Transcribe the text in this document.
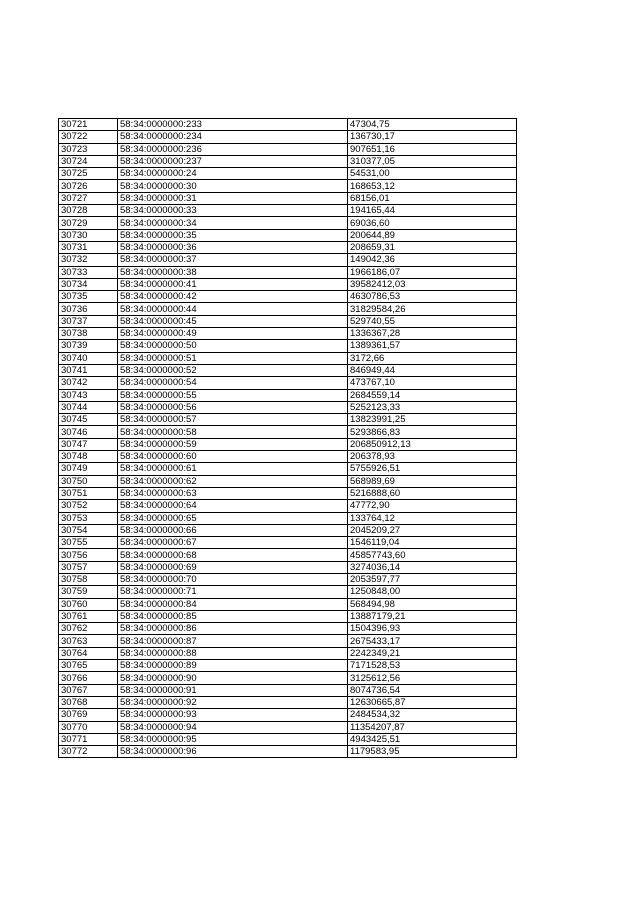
30721	58:34:0000000:233	47304,75
30722	58:34:0000000:234	136730,17
30723	58:34:0000000:236	907651,16
30724	58:34:0000000:237	310377,05
30725	58:34:0000000:24	54531,00
30726	58:34:0000000:30	168653,12
30727	58:34:0000000:31	68156,01
30728	58:34:0000000:33	194165,44
30729	58:34:0000000:34	69036,60
30730	58:34:0000000:35	200644,89
30731	58:34:0000000:36	208659,31
30732	58:34:0000000:37	149042,36
30733	58:34:0000000:38	1966186,07
30734	58:34:0000000:41	39582412,03
30735	58:34:0000000:42	4630786,53
30736	58:34:0000000:44	31829584,26
30737	58:34:0000000:45	529740,55
30738	58:34:0000000:49	1336367,28
30739	58:34:0000000:50	1389361,57
30740	58:34:0000000:51	3172,66
30741	58:34:0000000:52	846949,44
30742	58:34:0000000:54	473767,10
30743	58:34:0000000:55	2684559,14
30744	58:34:0000000:56	5252123,33
30745	58:34:0000000:57	13823991,25
30746	58:34:0000000:58	5293866,83
30747	58:34:0000000:59	206850912,13
30748	58:34:0000000:60	206378,93
30749	58:34:0000000:61	5755926,51
30750	58:34:0000000:62	568989,69
30751	58:34:0000000:63	5216888,60
30752	58:34:0000000:64	47772,90
30753	58:34:0000000:65	133764,12
30754	58:34:0000000:66	2045209,27
30755	58:34:0000000:67	1546119,04
30756	58:34:0000000:68	45857743,60
30757	58:34:0000000:69	3274036,14
30758	58:34:0000000:70	2053597,77
30759	58:34:0000000:71	1250848,00
30760	58:34:0000000:84	568494,98
30761	58:34:0000000:85	13887179,21
30762	58:34:0000000:86	1504396,93
30763	58:34:0000000:87	2675433,17
30764	58:34:0000000:88	2242349,21
30765	58:34:0000000:89	7171528,53
30766	58:34:0000000:90	3125612,56
30767	58:34:0000000:91	8074736,54
30768	58:34:0000000:92	12630665,87
30769	58:34:0000000:93	2484534,32
30770	58:34:0000000:94	11354207,87
30771	58:34:0000000:95	4943425,51
30772	58:34:0000000:96	1179583,95
